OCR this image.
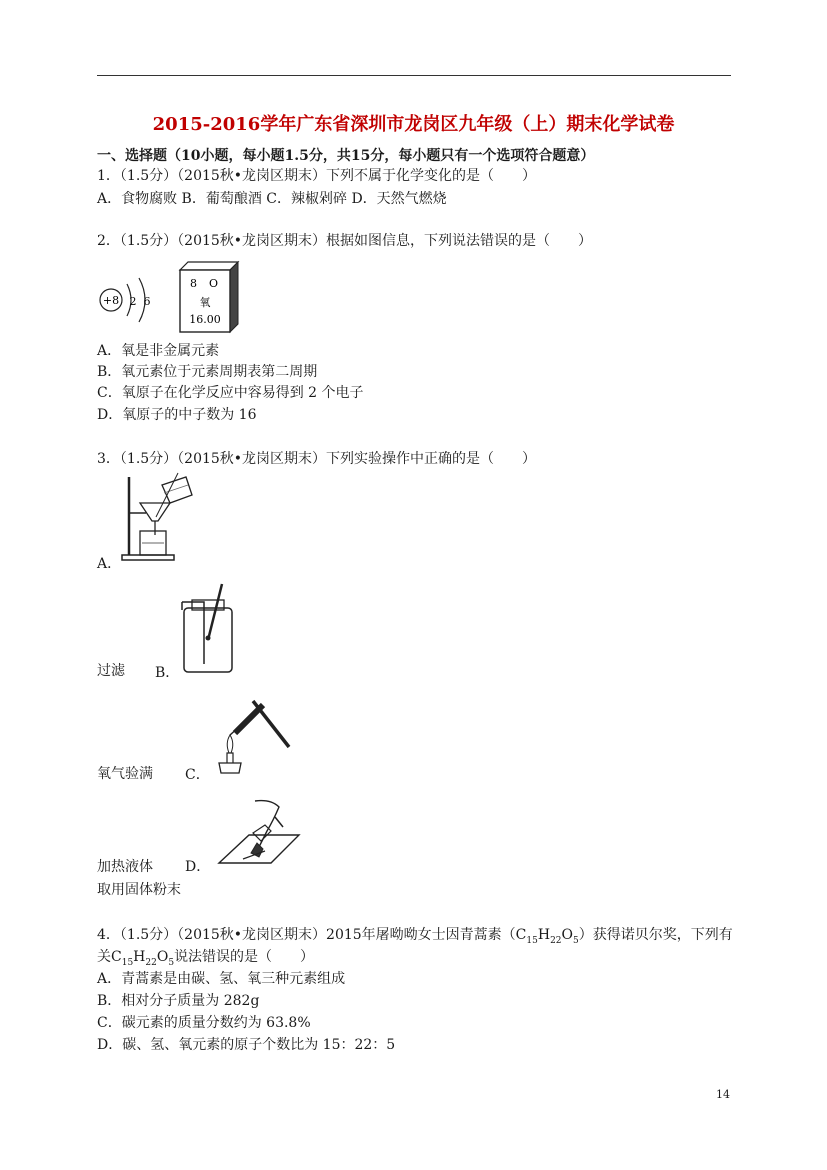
2015-2016学年广东省深圳市龙岗区九年级（上）期末化学试卷
一、选择题（10小题，每小题1.5分，共15分，每小题只有一个选项符合题意）
1．（1.5分）（2015秋•龙岗区期末）下列不属于化学变化的是（　　）
A．食物腐败 B．葡萄酿酒 C．辣椒剁碎 D．天然气燃烧
2．（1.5分）（2015秋•龙岗区期末）根据如图信息，下列说法错误的是（　　）
+8 2 6
8 O
氧
16.00
A．氧是非金属元素
B．氧元素位于元素周期表第二周期
C．氧原子在化学反应中容易得到 2 个电子
D．氧原子的中子数为 16
3．（1.5分）（2015秋•龙岗区期末）下列实验操作中正确的是（　　）
A．
过滤 B．
氧气验满 C．
加热液体 D．
取用固体粉末
4．（1.5分）（2015秋•龙岗区期末）2015年屠呦呦女士因青蒿素$(C_{15}H_{22}O_5)$获得诺贝尔奖，下列有
关$C_{15}H_{22}O_5$说法错误的是（　　）
A．青蒿素是由碳、氢、氧三种元素组成
B．相对分子质量为 282g
C．碳元素的质量分数约为 63.8%
D．碳、氢、氧元素的原子个数比为 15：22：5
14
